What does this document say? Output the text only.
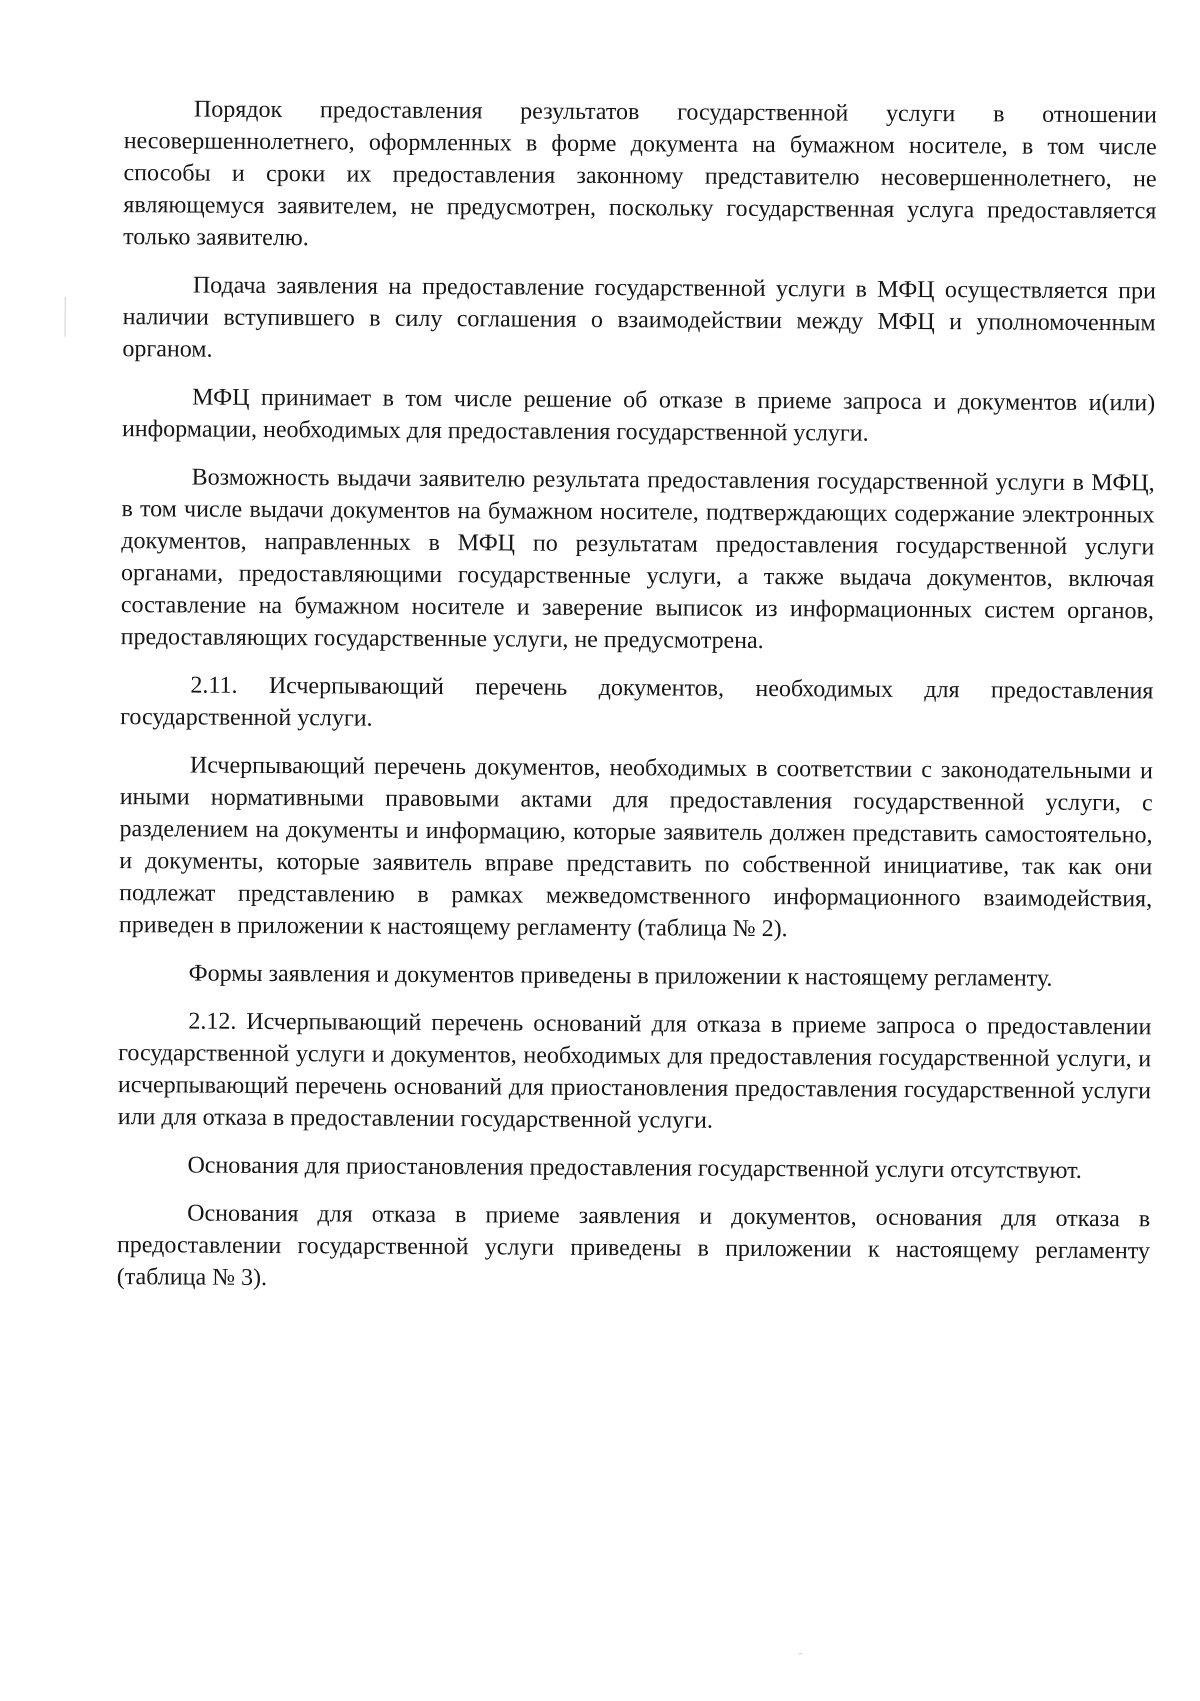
Порядок предоставления результатов государственной услуги в отношении несовершеннолетнего, оформленных в форме документа на бумажном носителе, в том числе способы и сроки их предоставления законному представителю несовершеннолетнего, не являющемуся заявителем, не предусмотрен, поскольку государственная услуга предоставляется только заявителю.

Подача заявления на предоставление государственной услуги в МФЦ осуществляется при наличии вступившего в силу соглашения о взаимодействии между МФЦ и уполномоченным органом.

МФЦ принимает в том числе решение об отказе в приеме запроса и документов и(или) информации, необходимых для предоставления государственной услуги.

Возможность выдачи заявителю результата предоставления государственной услуги в МФЦ, в том числе выдачи документов на бумажном носителе, подтверждающих содержание электронных документов, направленных в МФЦ по результатам предоставления государственной услуги органами, предоставляющими государственные услуги, а также выдача документов, включая составление на бумажном носителе и заверение выписок из информационных систем органов, предоставляющих государственные услуги, не предусмотрена.

2.11. Исчерпывающий перечень документов, необходимых для предоставления государственной услуги.

Исчерпывающий перечень документов, необходимых в соответствии с законодательными и иными нормативными правовыми актами для предоставления государственной услуги, с разделением на документы и информацию, которые заявитель должен представить самостоятельно, и документы, которые заявитель вправе представить по собственной инициативе, так как они подлежат представлению в рамках межведомственного информационного взаимодействия, приведен в приложении к настоящему регламенту (таблица № 2).

Формы заявления и документов приведены в приложении к настоящему регламенту.

2.12. Исчерпывающий перечень оснований для отказа в приеме запроса о предоставлении государственной услуги и документов, необходимых для предоставления государственной услуги, и исчерпывающий перечень оснований для приостановления предоставления государственной услуги или для отказа в предоставлении государственной услуги.

Основания для приостановления предоставления государственной услуги отсутствуют.

Основания для отказа в приеме заявления и документов, основания для отказа в предоставлении государственной услуги приведены в приложении к настоящему регламенту (таблица № 3).
